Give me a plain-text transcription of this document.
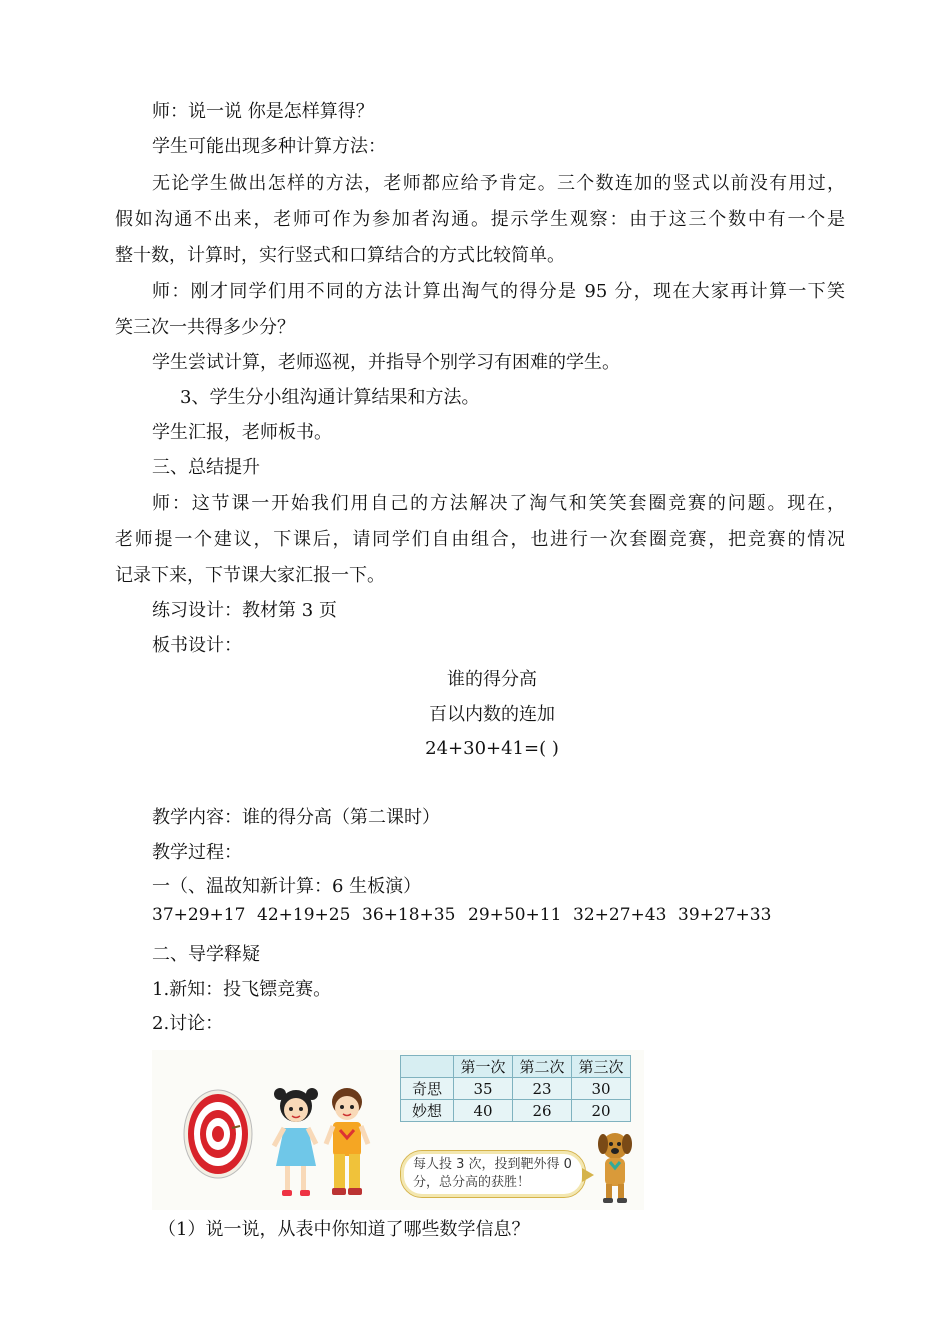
师：说一说 你是怎样算得？
学生可能出现多种计算方法：
无论学生做出怎样的方法，老师都应给予肯定。三个数连加的竖式以前没有用过，
假如沟通不出来，老师可作为参加者沟通。提示学生观察：由于这三个数中有一个是
整十数，计算时，实行竖式和口算结合的方式比较简单。
师：刚才同学们用不同的方法计算出淘气的得分是 95 分，现在大家再计算一下笑
笑三次一共得多少分？
学生尝试计算，老师巡视，并指导个别学习有困难的学生。
3、学生分小组沟通计算结果和方法。
学生汇报，老师板书。
三、总结提升
师：这节课一开始我们用自己的方法解决了淘气和笑笑套圈竞赛的问题。现在，
老师提一个建议，下课后，请同学们自由组合，也进行一次套圈竞赛，把竞赛的情况
记录下来，下节课大家汇报一下。
练习设计：教材第 3 页
板书设计：
谁的得分高
百以内数的连加
24+30+41=( )
教学内容：谁的得分高（第二课时）
教学过程：
一（、温故知新计算：6 生板演）
37+29+17 42+19+25 36+18+35 29+50+11 32+27+43 39+27+33
二、导学释疑
1.新知：投飞镖竞赛。
2.讨论：
	第一次	第二次	第三次
奇思	35	23	30
妙想	40	26	20
每人投 3 次，投到靶外得 0 分，总分高的获胜！
（1）说一说，从表中你知道了哪些数学信息？
